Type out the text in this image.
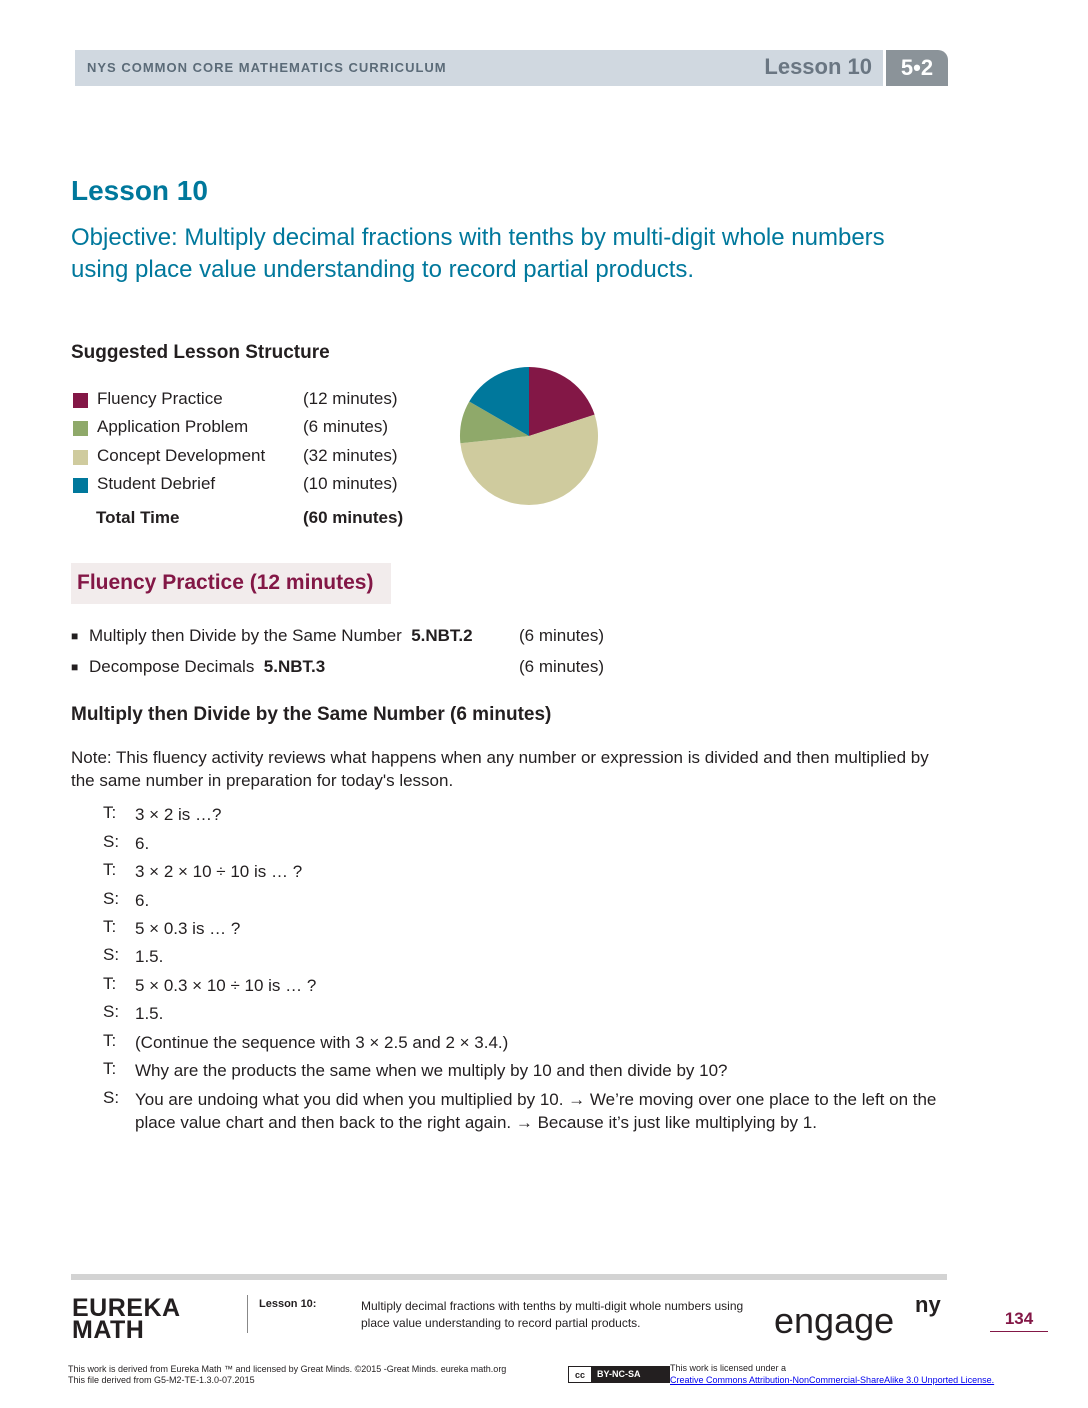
NYS COMMON CORE MATHEMATICS CURRICULUM	Lesson 10	5•2
Lesson 10
Objective: Multiply decimal fractions with tenths by multi-digit whole numbers using place value understanding to record partial products.
Suggested Lesson Structure
Fluency Practice	(12 minutes)
Application Problem	(6 minutes)
Concept Development (32 minutes)
Student Debrief	(10 minutes)
Total Time	(60 minutes)
Fluency Practice (12 minutes)
■ Multiply then Divide by the Same Number 5.NBT.2	(6 minutes)
■ Decompose Decimals 5.NBT.3	(6 minutes)
Multiply then Divide by the Same Number (6 minutes)
Note: This fluency activity reviews what happens when any number or expression is divided and then multiplied by the same number in preparation for today's lesson.
T: 3 × 2 is …?
S: 6.
T: 3 × 2 × 10 ÷ 10 is … ?
S: 6.
T: 5 × 0.3 is … ?
S: 1.5.
T: 5 × 0.3 × 10 ÷ 10 is … ?
S: 1.5.
T: (Continue the sequence with 3 × 2.5 and 2 × 3.4.)
T: Why are the products the same when we multiply by 10 and then divide by 10?
S: You are undoing what you did when you multiplied by 10. → We’re moving over one place to the left on the place value chart and then back to the right again. → Because it’s just like multiplying by 1.
EUREKA
MATH
Lesson 10:	Multiply decimal fractions with tenths by multi-digit whole numbers using place value understanding to record partial products.	engage ny
134
This work is derived from Eureka Math ™ and licensed by Great Minds. ©2015 -Great Minds. eureka math.org
This file derived from G5-M2-TE-1.3.0-07.2015
cc	BY-NC-SA
This work is licensed under a
Creative Commons Attribution-NonCommercial-ShareAlike 3.0 Unported License.
